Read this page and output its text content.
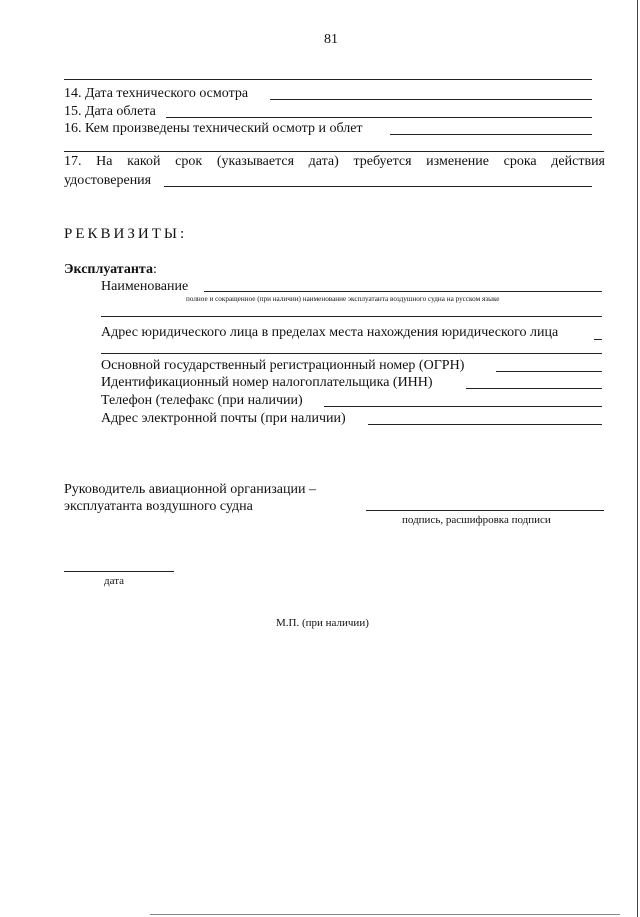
81
14. Дата технического осмотра
15. Дата облета
16. Кем произведены технический осмотр и облет
17. На какой срок (указывается дата) требуется изменение срока действия
удостоверения
РЕКВИЗИТЫ:
Эксплуатанта:
Наименование
полное и сокращенное (при наличии) наименование эксплуатанта воздушного судна на русском языке
Адрес юридического лица в пределах места нахождения юридического лица
Основной государственный регистрационный номер (ОГРН)
Идентификационный номер налогоплательщика (ИНН)
Телефон (телефакс (при наличии)
Адрес электронной почты (при наличии)
Руководитель авиационной организации –
эксплуатанта воздушного судна
подпись, расшифровка подписи
дата
М.П. (при наличии)
